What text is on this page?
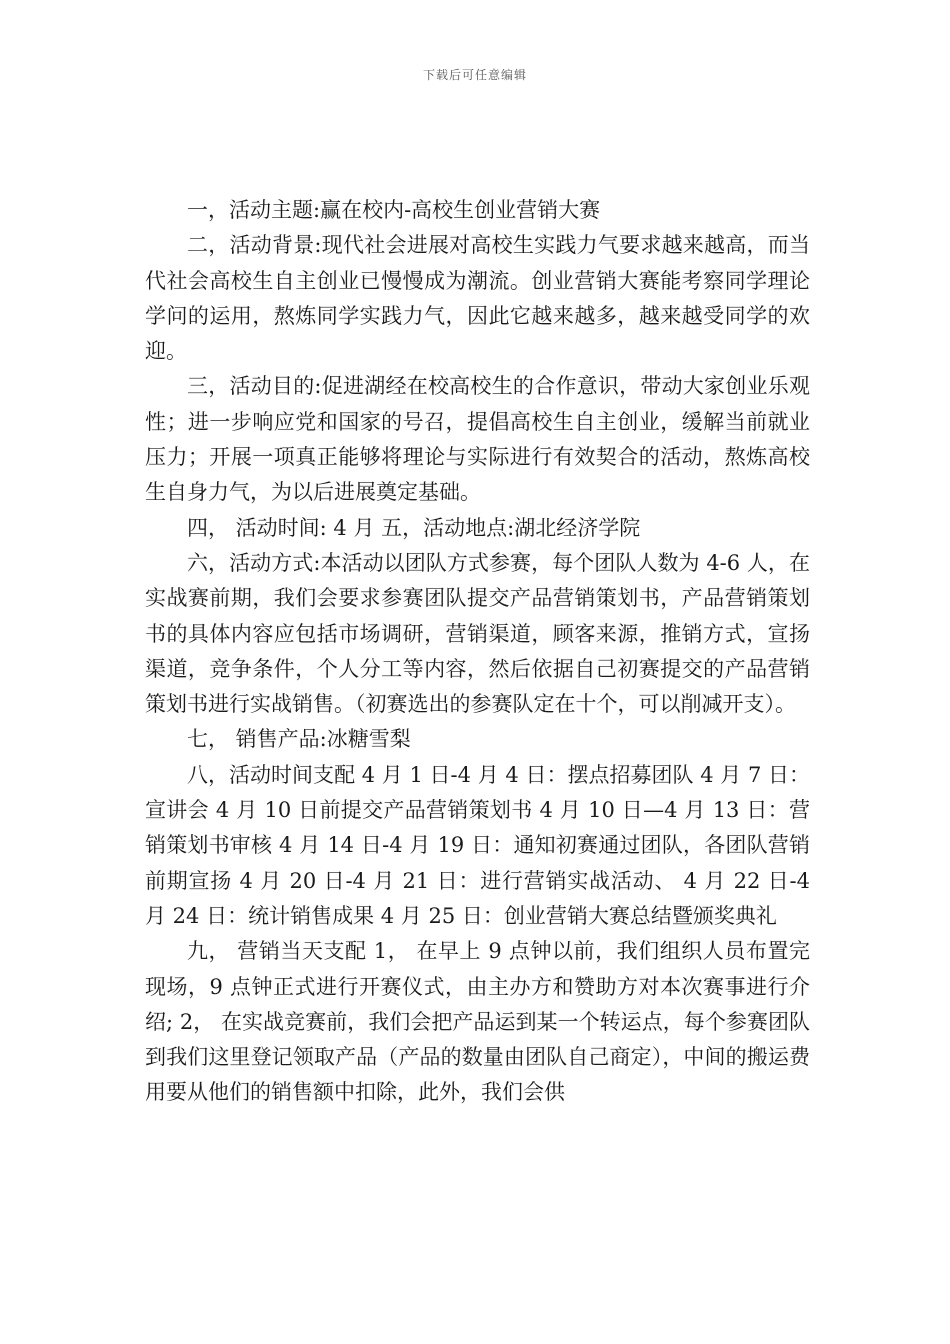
下载后可任意编辑

一，活动主题:赢在校内-高校生创业营销大赛

二，活动背景:现代社会进展对高校生实践力气要求越来越高，而当代社会高校生自主创业已慢慢成为潮流。创业营销大赛能考察同学理论学问的运用，熬炼同学实践力气，因此它越来越多，越来越受同学的欢迎。

三，活动目的:促进湖经在校高校生的合作意识，带动大家创业乐观性；进一步响应党和国家的号召，提倡高校生自主创业，缓解当前就业压力；开展一项真正能够将理论与实际进行有效契合的活动，熬炼高校生自身力气，为以后进展奠定基础。

四， 活动时间: 4 月 五，活动地点:湖北经济学院

六，活动方式:本活动以团队方式参赛，每个团队人数为 4-6 人，在实战赛前期，我们会要求参赛团队提交产品营销策划书，产品营销策划书的具体内容应包括市场调研，营销渠道，顾客来源，推销方式，宣扬渠道，竞争条件，个人分工等内容，然后依据自己初赛提交的产品营销策划书进行实战销售。（初赛选出的参赛队定在十个，可以削减开支）。

七， 销售产品:冰糖雪梨

八，活动时间支配 4 月 1 日-4 月 4 日：摆点招募团队 4 月 7 日：宣讲会 4 月 10 日前提交产品营销策划书 4 月 10 日—4 月 13 日：营销策划书审核 4 月 14 日-4 月 19 日：通知初赛通过团队，各团队营销前期宣扬 4 月 20 日-4 月 21 日：进行营销实战活动、 4 月 22 日-4 月 24 日：统计销售成果 4 月 25 日：创业营销大赛总结暨颁奖典礼

九， 营销当天支配 1， 在早上 9 点钟以前，我们组织人员布置完现场，9 点钟正式进行开赛仪式，由主办方和赞助方对本次赛事进行介绍; 2， 在实战竞赛前，我们会把产品运到某一个转运点，每个参赛团队到我们这里登记领取产品（产品的数量由团队自己商定），中间的搬运费用要从他们的销售额中扣除，此外，我们会供
